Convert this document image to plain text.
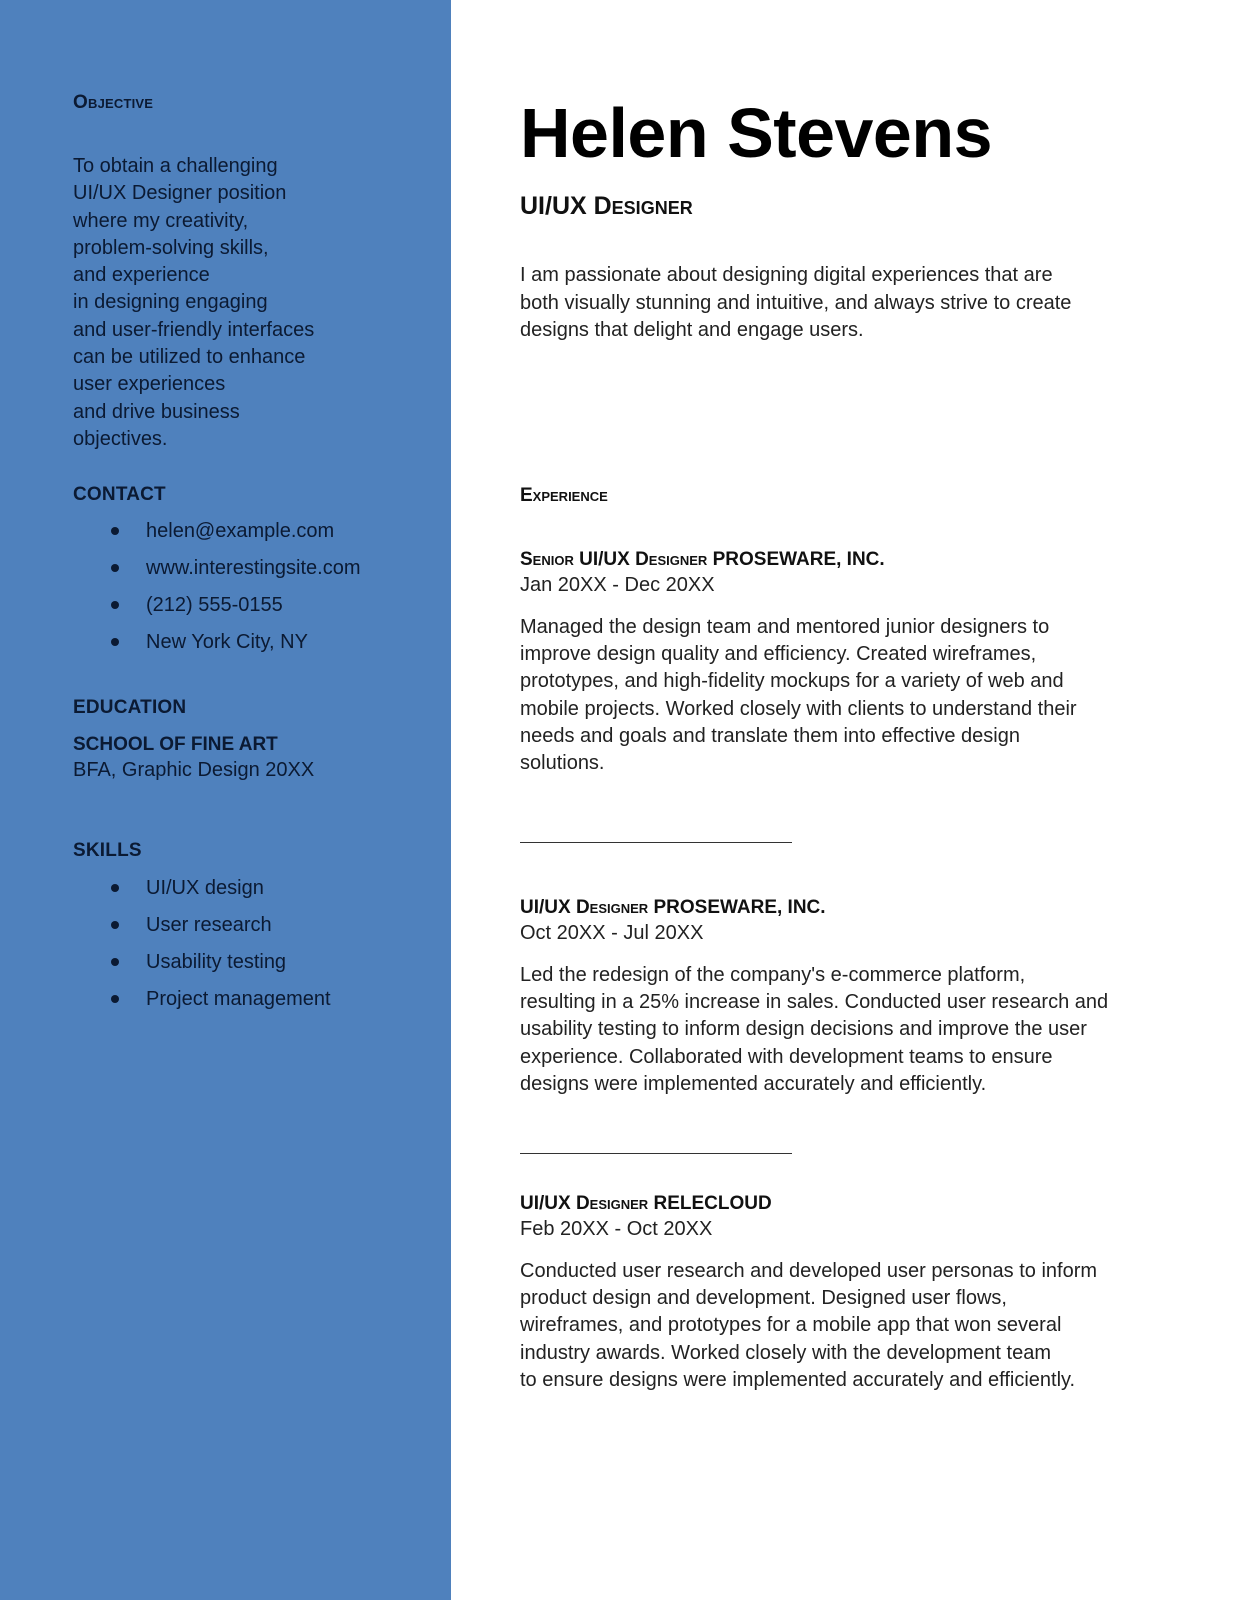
Objective
To obtain a challenging
UI/UX Designer position
where my creativity,
problem-solving skills,
and experience
in designing engaging
and user-friendly interfaces
can be utilized to enhance
user experiences
and drive business
objectives.
CONTACT
helen@example.com
www.interestingsite.com
(212) 555-0155
New York City, NY
EDUCATION
SCHOOL OF FINE ART
BFA, Graphic Design 20XX
SKILLS
UI/UX design
User research
Usability testing
Project management
Helen Stevens
UI/UX Designer
I am passionate about designing digital experiences that are
both visually stunning and intuitive, and always strive to create
designs that delight and engage users.
Experience
Senior UI/UX Designer PROSEWARE, INC.
Jan 20XX - Dec 20XX
Managed the design team and mentored junior designers to
improve design quality and efficiency. Created wireframes,
prototypes, and high-fidelity mockups for a variety of web and
mobile projects. Worked closely with clients to understand their
needs and goals and translate them into effective design
solutions.
UI/UX Designer PROSEWARE, INC.
Oct 20XX - Jul 20XX
Led the redesign of the company's e-commerce platform,
resulting in a 25% increase in sales. Conducted user research and
usability testing to inform design decisions and improve the user
experience. Collaborated with development teams to ensure
designs were implemented accurately and efficiently.
UI/UX Designer RELECLOUD
Feb 20XX - Oct 20XX
Conducted user research and developed user personas to inform
product design and development. Designed user flows,
wireframes, and prototypes for a mobile app that won several
industry awards. Worked closely with the development team
to ensure designs were implemented accurately and efficiently.
